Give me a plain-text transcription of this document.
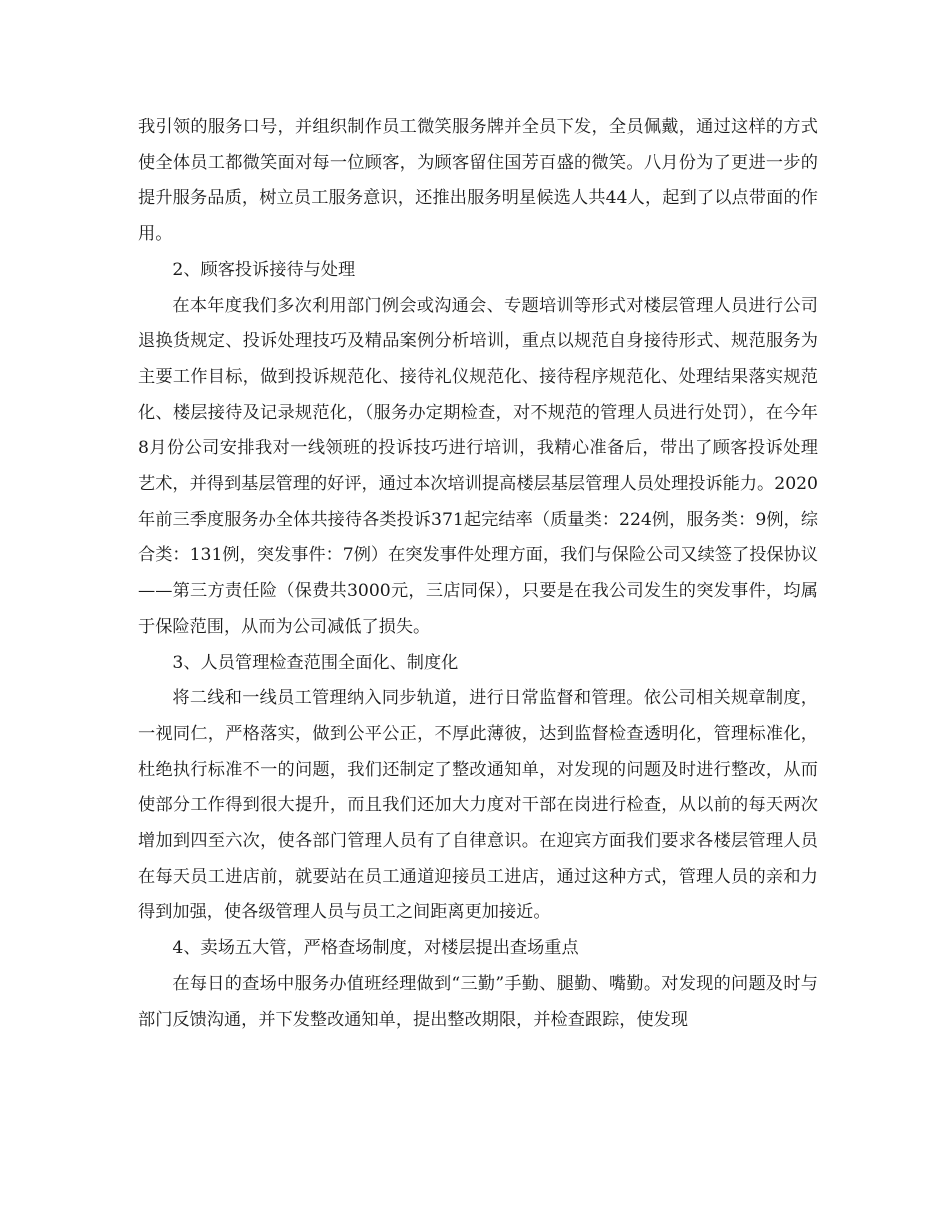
我引领的服务口号，并组织制作员工微笑服务牌并全员下发，全员佩戴，通过这样的方式使全体员工都微笑面对每一位顾客，为顾客留住国芳百盛的微笑。八月份为了更进一步的提升服务品质，树立员工服务意识，还推出服务明星候选人共44人，起到了以点带面的作用。

2、顾客投诉接待与处理

在本年度我们多次利用部门例会或沟通会、专题培训等形式对楼层管理人员进行公司退换货规定、投诉处理技巧及精品案例分析培训，重点以规范自身接待形式、规范服务为主要工作目标，做到投诉规范化、接待礼仪规范化、接待程序规范化、处理结果落实规范化、楼层接待及记录规范化，（服务办定期检查，对不规范的管理人员进行处罚），在今年8月份公司安排我对一线领班的投诉技巧进行培训，我精心准备后，带出了顾客投诉处理艺术，并得到基层管理的好评，通过本次培训提高楼层基层管理人员处理投诉能力。2020年前三季度服务办全体共接待各类投诉371起完结率（质量类：224例，服务类：9例，综合类：131例，突发事件：7例）在突发事件处理方面，我们与保险公司又续签了投保协议——第三方责任险（保费共3000元，三店同保），只要是在我公司发生的突发事件，均属于保险范围，从而为公司减低了损失。

3、人员管理检查范围全面化、制度化

将二线和一线员工管理纳入同步轨道，进行日常监督和管理。依公司相关规章制度，一视同仁，严格落实，做到公平公正，不厚此薄彼，达到监督检查透明化，管理标准化，杜绝执行标准不一的问题，我们还制定了整改通知单，对发现的问题及时进行整改，从而使部分工作得到很大提升，而且我们还加大力度对干部在岗进行检查，从以前的每天两次增加到四至六次，使各部门管理人员有了自律意识。在迎宾方面我们要求各楼层管理人员在每天员工进店前，就要站在员工通道迎接员工进店，通过这种方式，管理人员的亲和力得到加强，使各级管理人员与员工之间距离更加接近。

4、卖场五大管，严格查场制度，对楼层提出查场重点

在每日的查场中服务办值班经理做到“三勤”手勤、腿勤、嘴勤。对发现的问题及时与部门反馈沟通，并下发整改通知单，提出整改期限，并检查跟踪，使发现
